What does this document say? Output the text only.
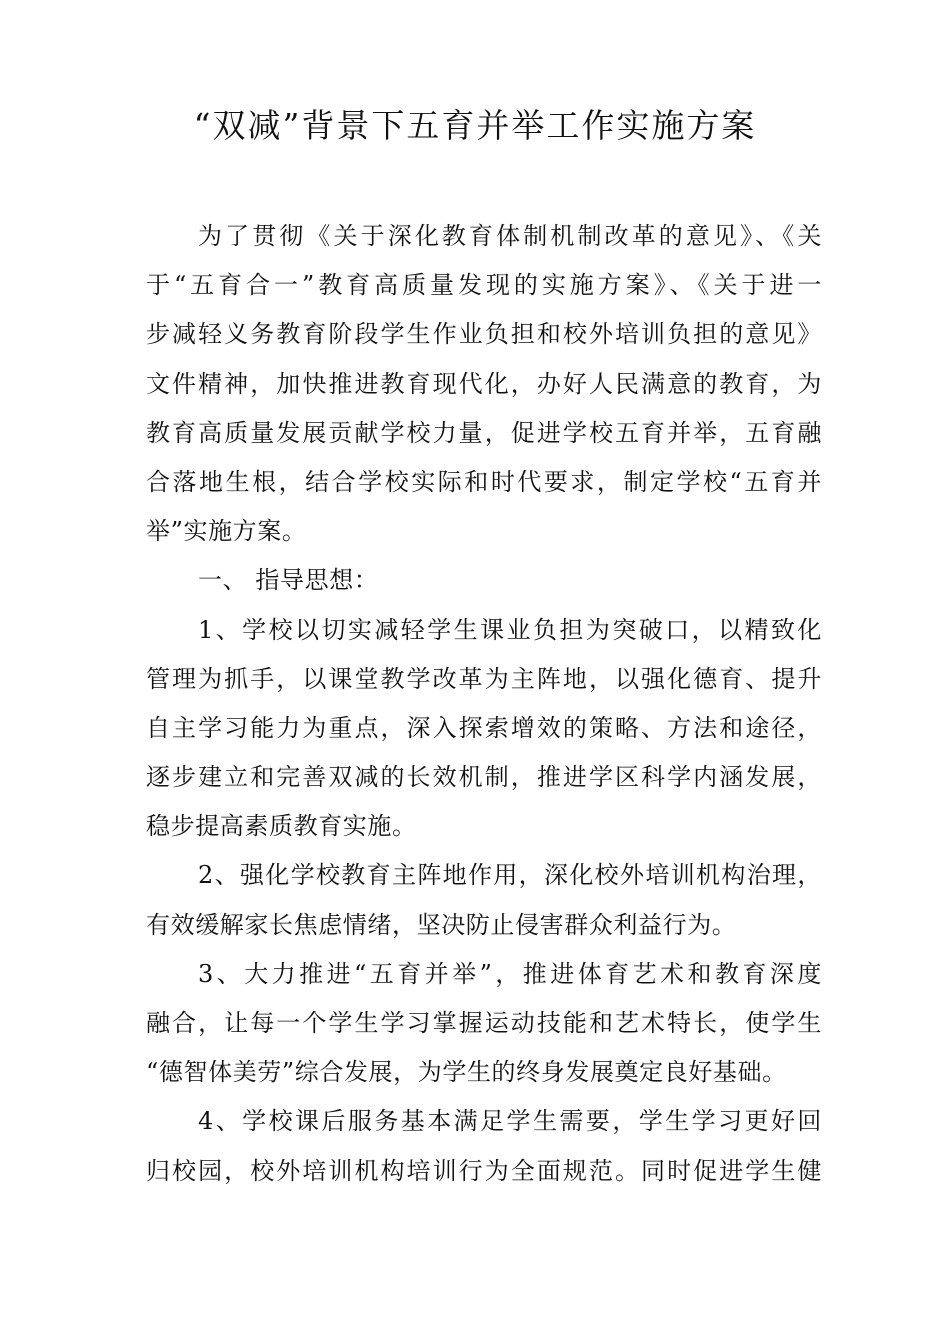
“双减”背景下五育并举工作实施方案
为了贯彻《关于深化教育体制机制改革的意见》、《关
于“五育合一”教育高质量发现的实施方案》、《关于进一
步减轻义务教育阶段学生作业负担和校外培训负担的意见》
文件精神，加快推进教育现代化，办好人民满意的教育，为
教育高质量发展贡献学校力量，促进学校五育并举，五育融
合落地生根，结合学校实际和时代要求，制定学校“五育并
举”实施方案。
一、 指导思想：
1、学校以切实减轻学生课业负担为突破口，以精致化
管理为抓手，以课堂教学改革为主阵地，以强化德育、提升
自主学习能力为重点，深入探索增效的策略、方法和途径，
逐步建立和完善双减的长效机制，推进学区科学内涵发展，
稳步提高素质教育实施。
2、强化学校教育主阵地作用，深化校外培训机构治理，
有效缓解家长焦虑情绪，坚决防止侵害群众利益行为。
3、大力推进“五育并举”，推进体育艺术和教育深度
融合，让每一个学生学习掌握运动技能和艺术特长，使学生
“德智体美劳”综合发展，为学生的终身发展奠定良好基础。
4、学校课后服务基本满足学生需要，学生学习更好回
归校园，校外培训机构培训行为全面规范。同时促进学生健
